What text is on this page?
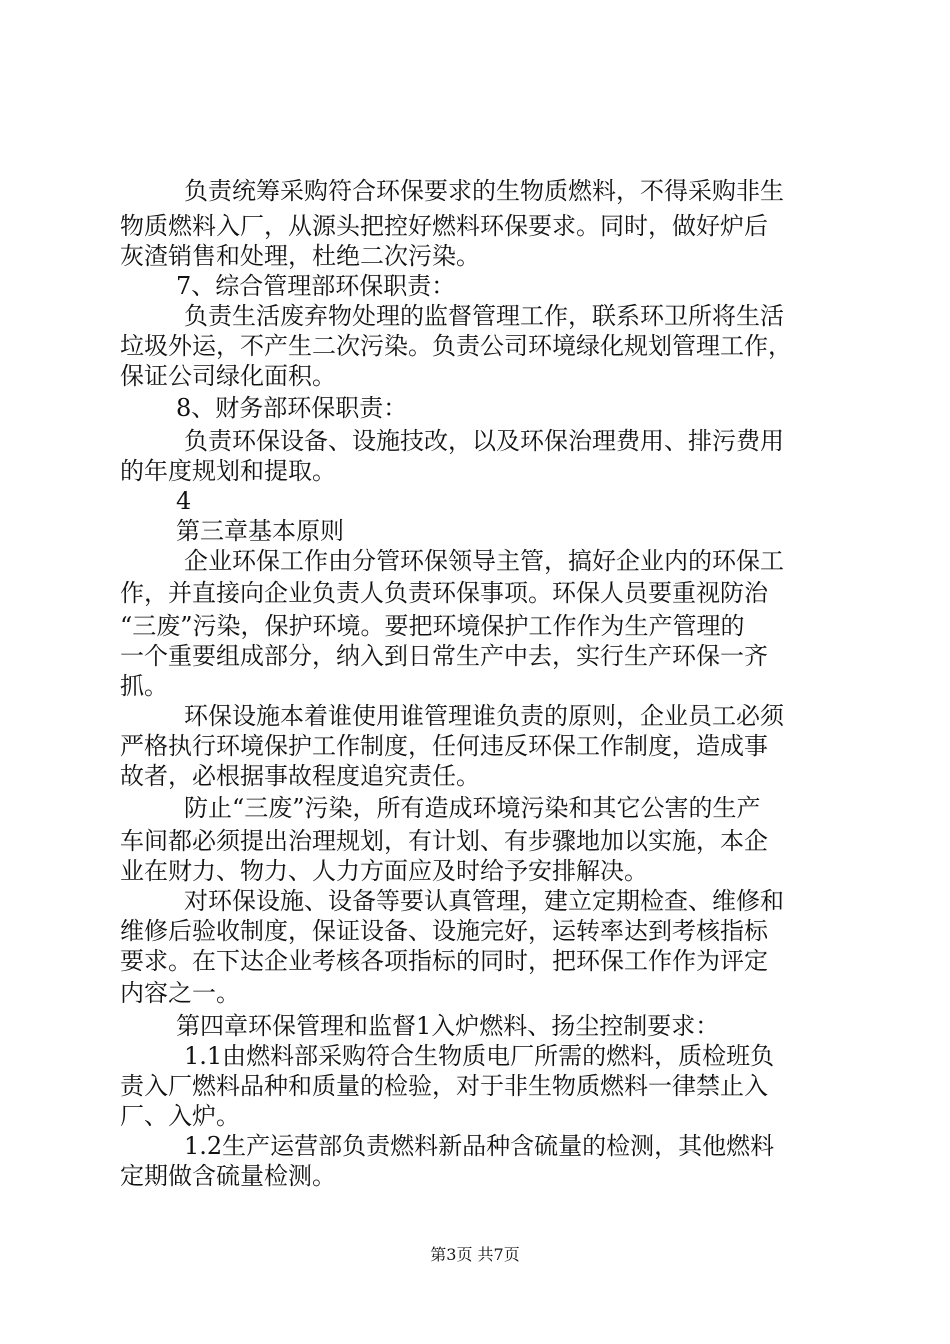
负责统筹采购符合环保要求的生物质燃料，不得采购非生
物质燃料入厂，从源头把控好燃料环保要求。同时，做好炉后
灰渣销售和处理，杜绝二次污染。
7、综合管理部环保职责：
负责生活废弃物处理的监督管理工作，联系环卫所将生活
垃圾外运，不产生二次污染。负责公司环境绿化规划管理工作，
保证公司绿化面积。
8、财务部环保职责：
负责环保设备、设施技改，以及环保治理费用、排污费用
的年度规划和提取。
4
第三章基本原则
企业环保工作由分管环保领导主管，搞好企业内的环保工
作，并直接向企业负责人负责环保事项。环保人员要重视防治
“三废”污染，保护环境。要把环境保护工作作为生产管理的
一个重要组成部分，纳入到日常生产中去，实行生产环保一齐
抓。
环保设施本着谁使用谁管理谁负责的原则，企业员工必须
严格执行环境保护工作制度，任何违反环保工作制度，造成事
故者，必根据事故程度追究责任。
防止“三废”污染，所有造成环境污染和其它公害的生产
车间都必须提出治理规划，有计划、有步骤地加以实施，本企
业在财力、物力、人力方面应及时给予安排解决。
对环保设施、设备等要认真管理，建立定期检查、维修和
维修后验收制度，保证设备、设施完好，运转率达到考核指标
要求。在下达企业考核各项指标的同时，把环保工作作为评定
内容之一。
第四章环保管理和监督1入炉燃料、扬尘控制要求：
1.1由燃料部采购符合生物质电厂所需的燃料，质检班负
责入厂燃料品种和质量的检验，对于非生物质燃料一律禁止入
厂、入炉。
1.2生产运营部负责燃料新品种含硫量的检测，其他燃料
定期做含硫量检测。
第3页 共7页
